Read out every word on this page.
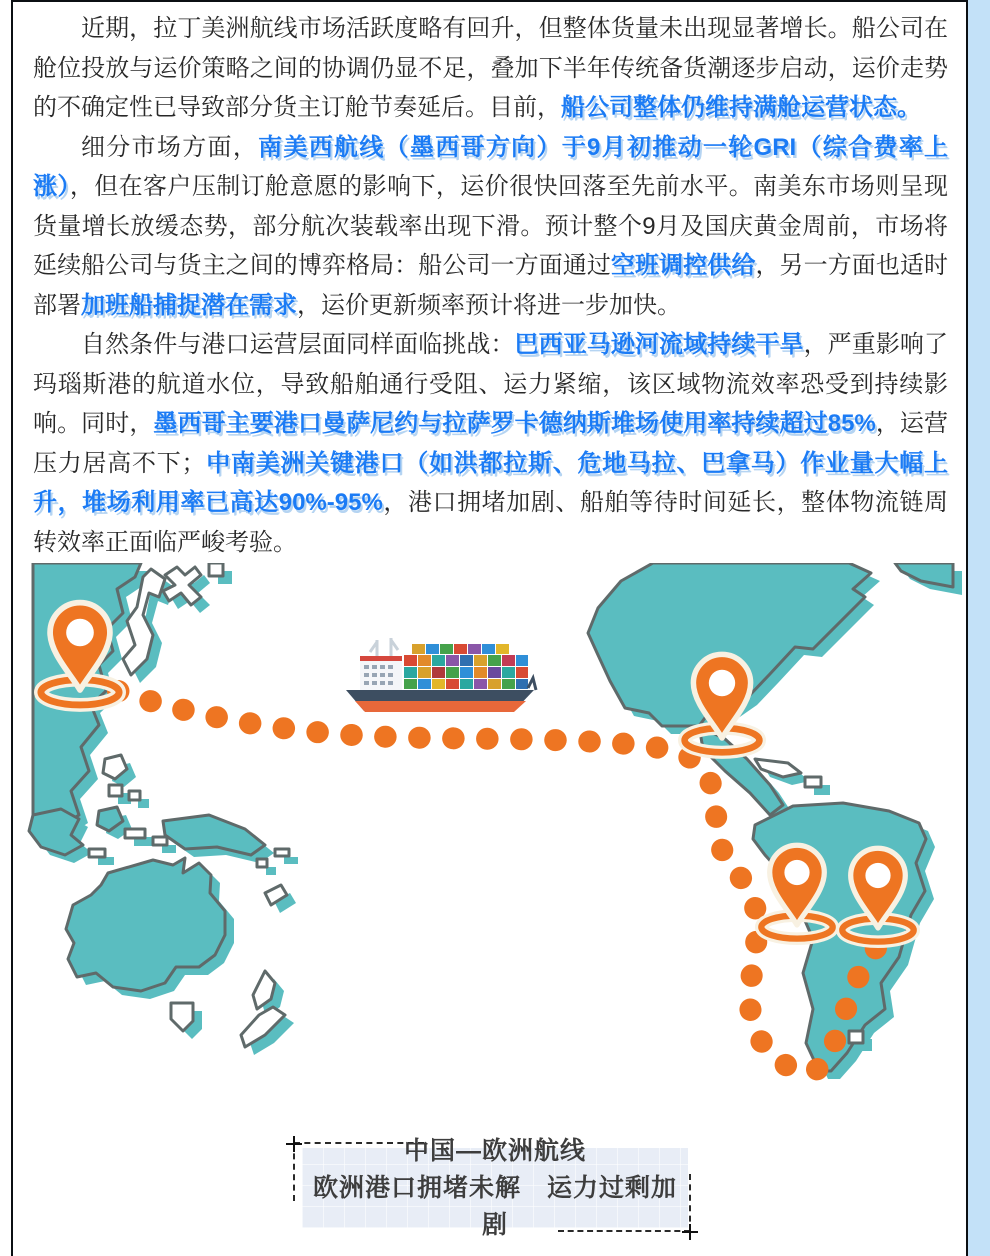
近期，拉丁美洲航线市场活跃度略有回升，但整体货量未出现显著增长。船公司在舱位投放与运价策略之间的协调仍显不足，叠加下半年传统备货潮逐步启动，运价走势的不确定性已导致部分货主订舱节奏延后。目前，船公司整体仍维持满舱运营状态。

细分市场方面，南美西航线（墨西哥方向）于9月初推动一轮GRI（综合费率上涨），但在客户压制订舱意愿的影响下，运价很快回落至先前水平。南美东市场则呈现货量增长放缓态势，部分航次装载率出现下滑。预计整个9月及国庆黄金周前，市场将延续船公司与货主之间的博弈格局：船公司一方面通过空班调控供给，另一方面也适时部署加班船捕捉潜在需求，运价更新频率预计将进一步加快。

自然条件与港口运营层面同样面临挑战：巴西亚马逊河流域持续干旱，严重影响了玛瑙斯港的航道水位，导致船舶通行受阻、运力紧缩，该区域物流效率恐受到持续影响。同时，墨西哥主要港口曼萨尼约与拉萨罗卡德纳斯堆场使用率持续超过85%，运营压力居高不下；中南美洲关键港口（如洪都拉斯、危地马拉、巴拿马）作业量大幅上升，堆场利用率已高达90%-95%，港口拥堵加剧、船舶等待时间延长，整体物流链周转效率正面临严峻考验。

中国—欧洲航线
欧洲港口拥堵未解　运力过剩加剧
